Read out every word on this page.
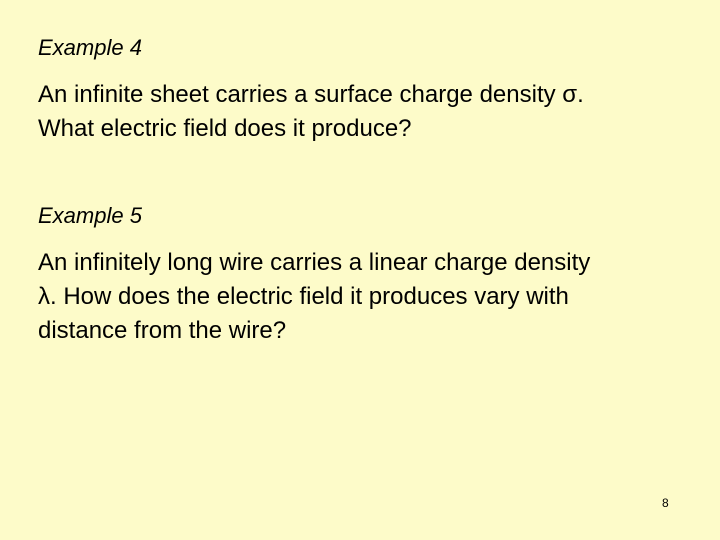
Example 4
An infinite sheet carries a surface charge density σ.
What electric field does it produce?
Example 5
An infinitely long wire carries a linear charge density
λ. How does the electric field it produces vary with
distance from the wire?
8
